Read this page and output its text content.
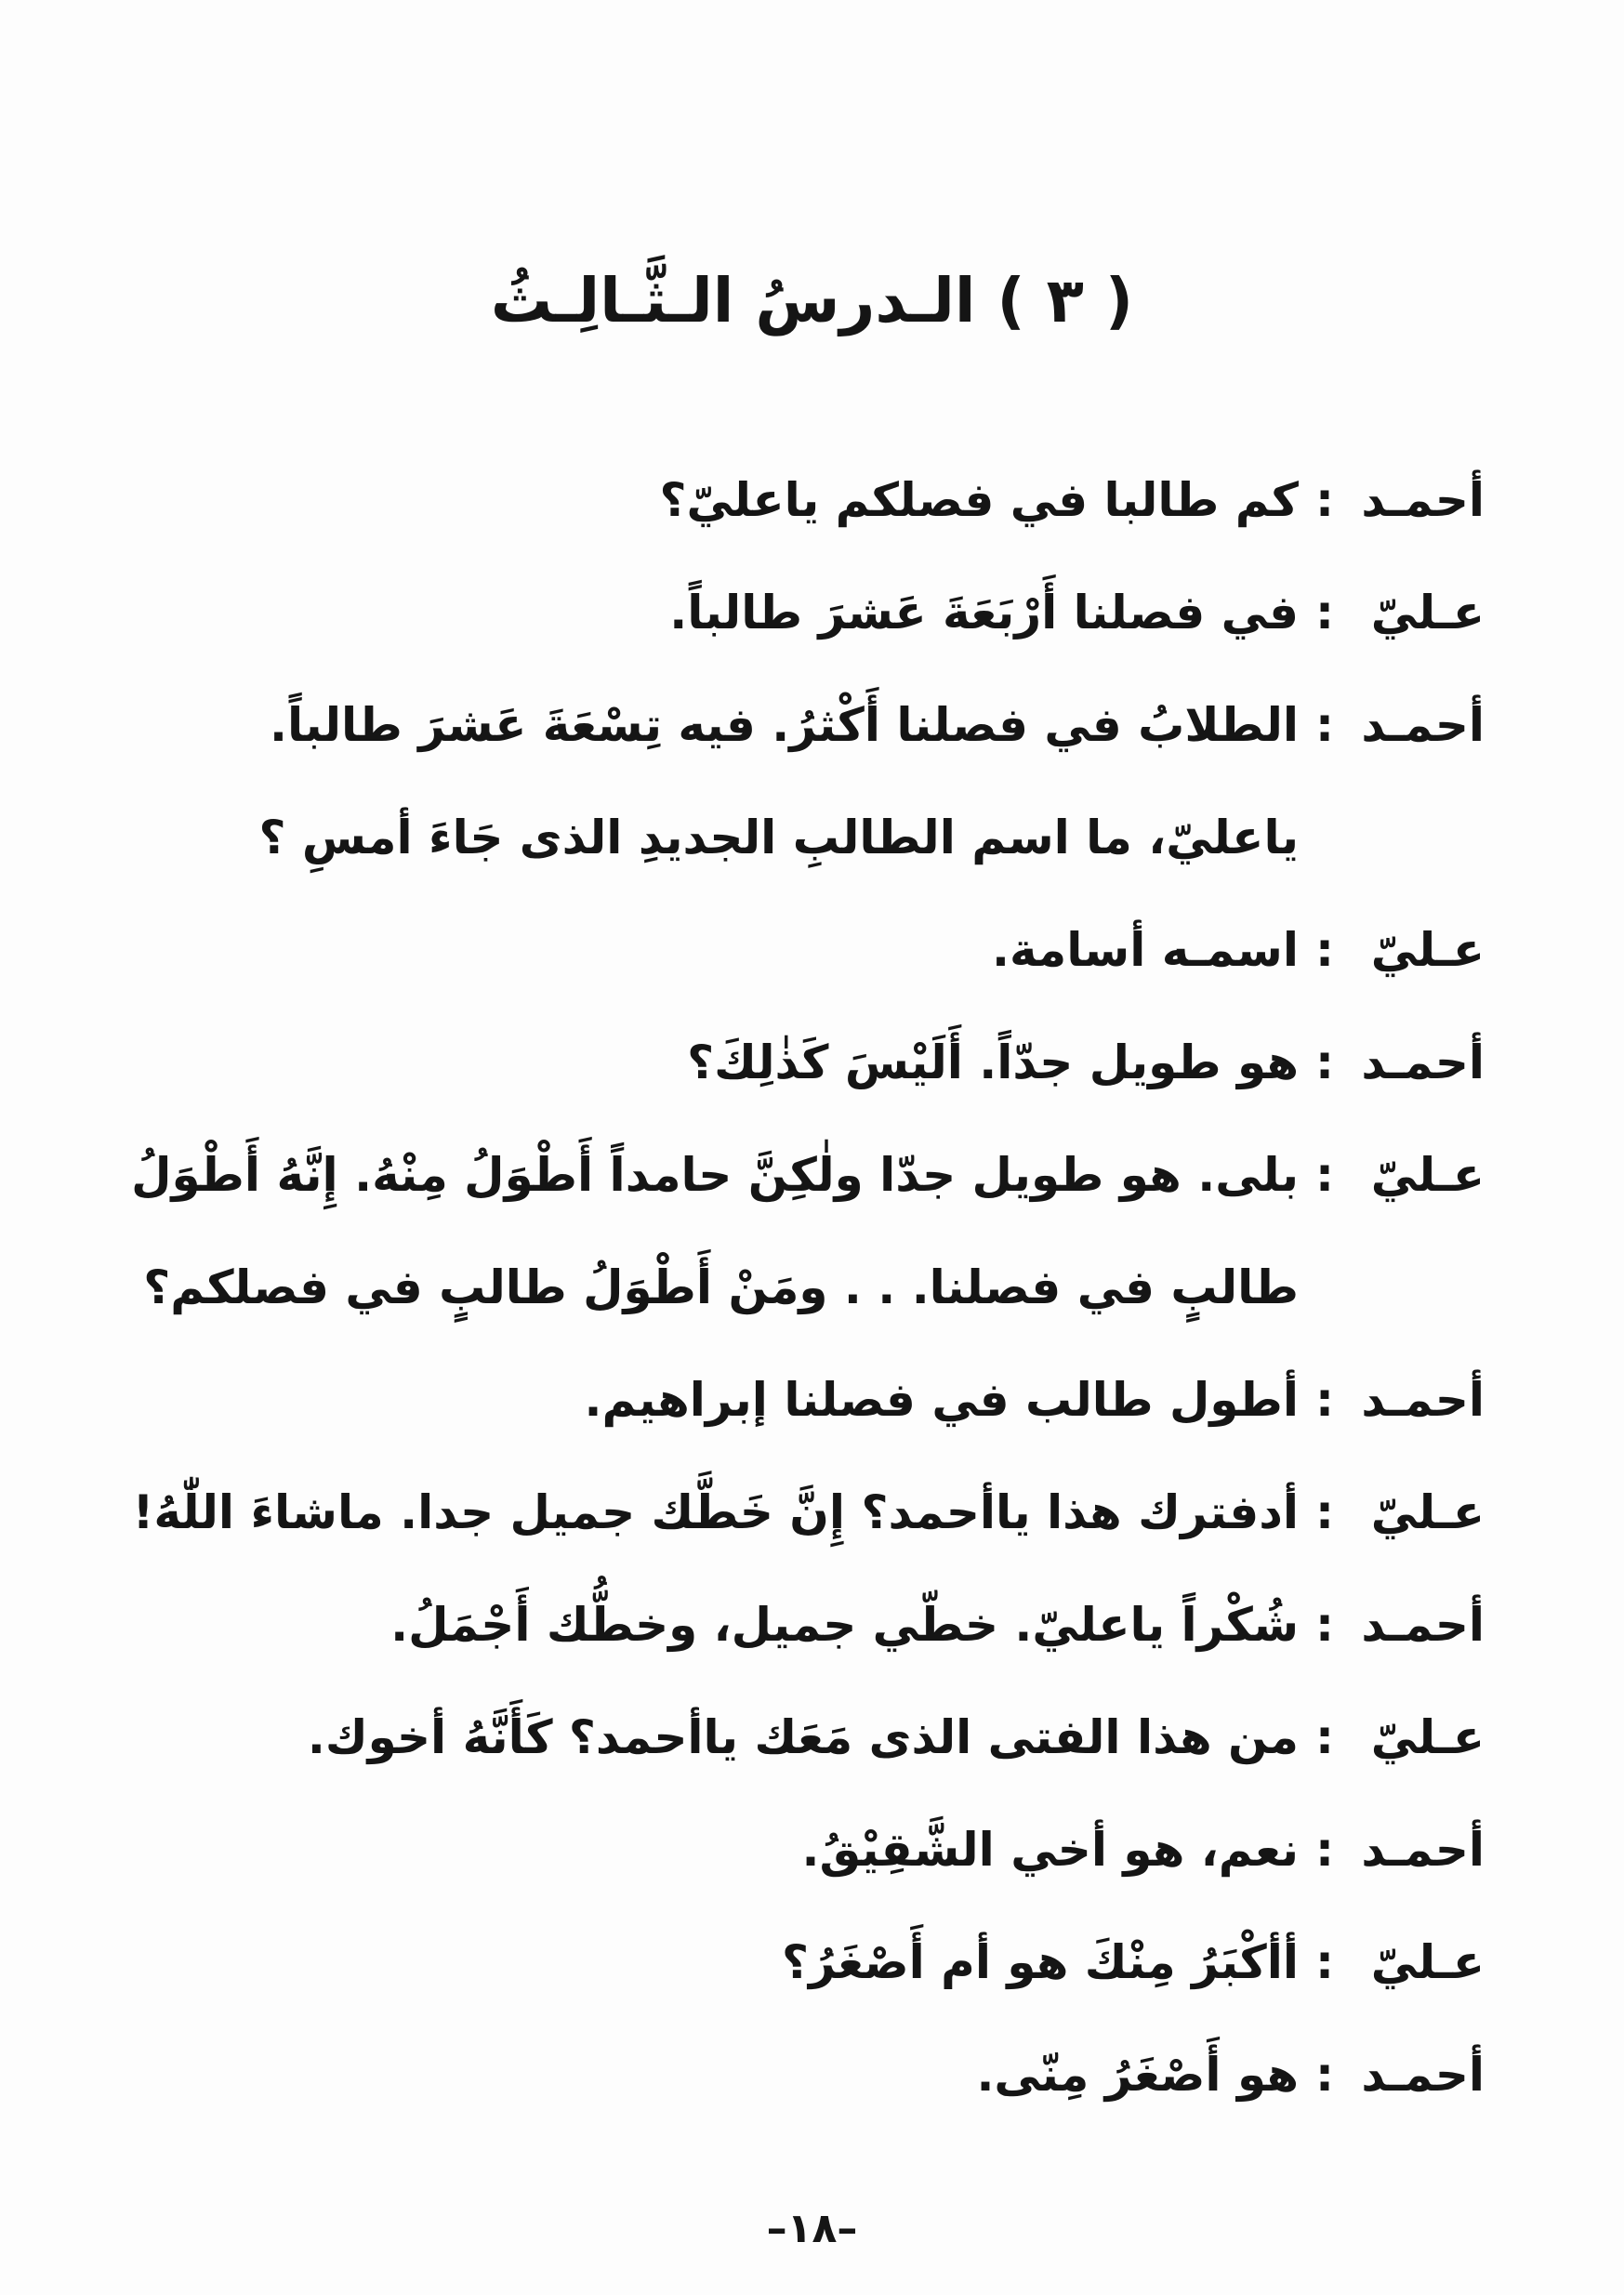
( ٣ ) الـدرسُ الـثَّـالِـثُ
أحمـد
:
كم طالبا في فصلكم ياعليّ؟
عـليّ
:
في فصلنا أَرْبَعَةَ عَشرَ طالباً.
أحمـد
:
الطلابُ في فصلنا أَكْثرُ. فيه تِسْعَةَ عَشرَ طالباً. ياعليّ، ما اسم الطالبِ الجديدِ الذى جَاءَ أمسِ ؟
عـليّ
:
اسمـه أسامة.
أحمـد
:
هو طويل جدّاً. أَلَيْسَ كَذٰلِكَ؟
عـليّ
:
بلى. هو طويل جدّا ولٰكِنَّ حامداً أَطْوَلُ مِنْهُ. إِنَّهُ أَطْوَلُ طالبٍ في فصلنا. . . ومَنْ أَطْوَلُ طالبٍ في فصلكم؟
أحمـد
:
أطول طالب في فصلنا إبراهيم.
عـليّ
:
أدفترك هذا ياأحمد؟ إِنَّ خَطَّك جميل جدا. ماشاءَ اللّٰهُ!
أحمـد
:
شُكْراً ياعليّ. خطّي جميل، وخطُّك أَجْمَلُ.
عـليّ
:
من هذا الفتى الذى مَعَك ياأحمد؟ كَأَنَّهُ أخوك.
أحمـد
:
نعم، هو أخي الشَّقِيْقُ.
عـليّ
:
أأكْبَرُ مِنْكَ هو أم أَصْغَرُ؟
أحمـد
:
هو أَصْغَرُ مِنّى.
–١٨–
